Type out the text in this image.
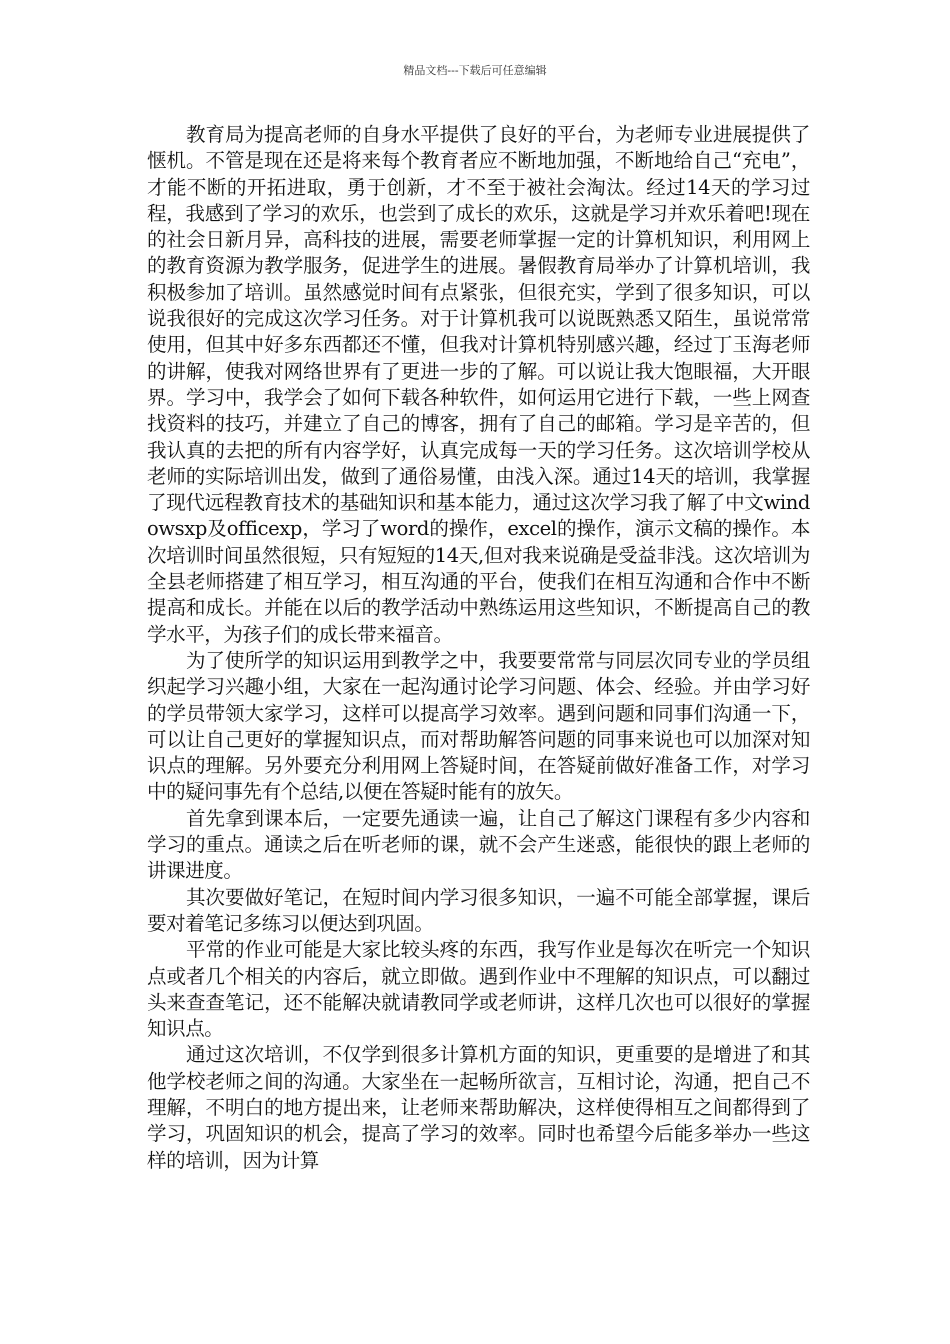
精品文档---下载后可任意编辑

教育局为提高老师的自身水平提供了良好的平台，为老师专业进展提供了惬机。不管是现在还是将来每个教育者应不断地加强，不断地给自己“充电”，才能不断的开拓进取，勇于创新，才不至于被社会淘汰。经过14天的学习过程，我感到了学习的欢乐，也尝到了成长的欢乐，这就是学习并欢乐着吧!现在的社会日新月异，高科技的进展，需要老师掌握一定的计算机知识，利用网上的教育资源为教学服务，促进学生的进展。暑假教育局举办了计算机培训，我积极参加了培训。虽然感觉时间有点紧张，但很充实，学到了很多知识，可以说我很好的完成这次学习任务。对于计算机我可以说既熟悉又陌生，虽说常常使用，但其中好多东西都还不懂，但我对计算机特别感兴趣，经过丁玉海老师的讲解，使我对网络世界有了更进一步的了解。可以说让我大饱眼福，大开眼界。学习中，我学会了如何下载各种软件，如何运用它进行下载，一些上网查找资料的技巧，并建立了自己的博客，拥有了自己的邮箱。学习是辛苦的，但我认真的去把的所有内容学好，认真完成每一天的学习任务。这次培训学校从老师的实际培训出发，做到了通俗易懂，由浅入深。通过14天的培训，我掌握了现代远程教育技术的基础知识和基本能力，通过这次学习我了解了中文windowsxp及officexp，学习了word的操作，excel的操作，演示文稿的操作。本次培训时间虽然很短，只有短短的14天,但对我来说确是受益非浅。这次培训为全县老师搭建了相互学习，相互沟通的平台，使我们在相互沟通和合作中不断提高和成长。并能在以后的教学活动中熟练运用这些知识，不断提高自己的教学水平，为孩子们的成长带来福音。

为了使所学的知识运用到教学之中，我要要常常与同层次同专业的学员组织起学习兴趣小组，大家在一起沟通讨论学习问题、体会、经验。并由学习好的学员带领大家学习，这样可以提高学习效率。遇到问题和同事们沟通一下，可以让自己更好的掌握知识点，而对帮助解答问题的同事来说也可以加深对知识点的理解。另外要充分利用网上答疑时间，在答疑前做好准备工作，对学习中的疑问事先有个总结,以便在答疑时能有的放矢。

首先拿到课本后，一定要先通读一遍，让自己了解这门课程有多少内容和学习的重点。通读之后在听老师的课，就不会产生迷惑，能很快的跟上老师的讲课进度。

其次要做好笔记，在短时间内学习很多知识，一遍不可能全部掌握，课后要对着笔记多练习以便达到巩固。

平常的作业可能是大家比较头疼的东西，我写作业是每次在听完一个知识点或者几个相关的内容后，就立即做。遇到作业中不理解的知识点，可以翻过头来查查笔记，还不能解决就请教同学或老师讲，这样几次也可以很好的掌握知识点。

通过这次培训，不仅学到很多计算机方面的知识，更重要的是增进了和其他学校老师之间的沟通。大家坐在一起畅所欲言，互相讨论，沟通，把自己不理解，不明白的地方提出来，让老师来帮助解决，这样使得相互之间都得到了学习，巩固知识的机会，提高了学习的效率。同时也希望今后能多举办一些这样的培训，因为计算
